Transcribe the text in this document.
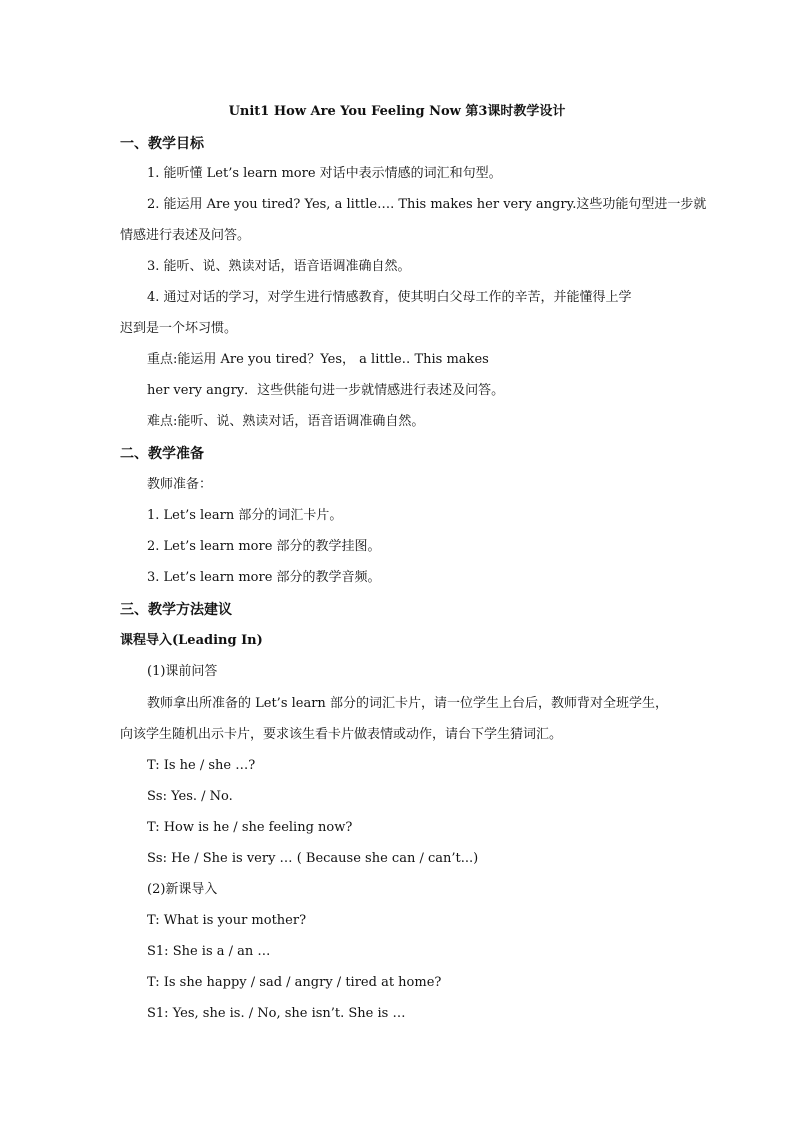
Unit1 How Are You Feeling Now 第3课时教学设计
一、教学目标
1. 能听懂 Let’s learn more 对话中表示情感的词汇和句型。
2. 能运用 Are you tired? Yes, a little…. This makes her very angry.这些功能句型进一步就
情感进行表述及问答。
3. 能听、说、熟读对话，语音语调准确自然。
4. 通过对话的学习，对学生进行情感教育，使其明白父母工作的辛苦，并能懂得上学
迟到是一个坏习惯。
重点:能运用 Are you tired？Yes， a little‥ This makes
her very angry．这些供能句进一步就情感进行表述及问答。
难点:能听、说、熟读对话，语音语调准确自然。
二、教学准备
教师准备：
1. Let’s learn 部分的词汇卡片。
2. Let’s learn more 部分的教学挂图。
3. Let’s learn more 部分的教学音频。
三、教学方法建议
课程导入(Leading In)
(1)课前问答
教师拿出所准备的 Let’s learn 部分的词汇卡片，请一位学生上台后，教师背对全班学生，
向该学生随机出示卡片，要求该生看卡片做表情或动作，请台下学生猜词汇。
T: Is he / she …?
Ss: Yes. / No.
T: How is he / she feeling now?
Ss: He / She is very … ( Because she can / can’t...)
(2)新课导入
T: What is your mother?
S1: She is a / an …
T: Is she happy / sad / angry / tired at home?
S1: Yes, she is. / No, she isn’t. She is …
